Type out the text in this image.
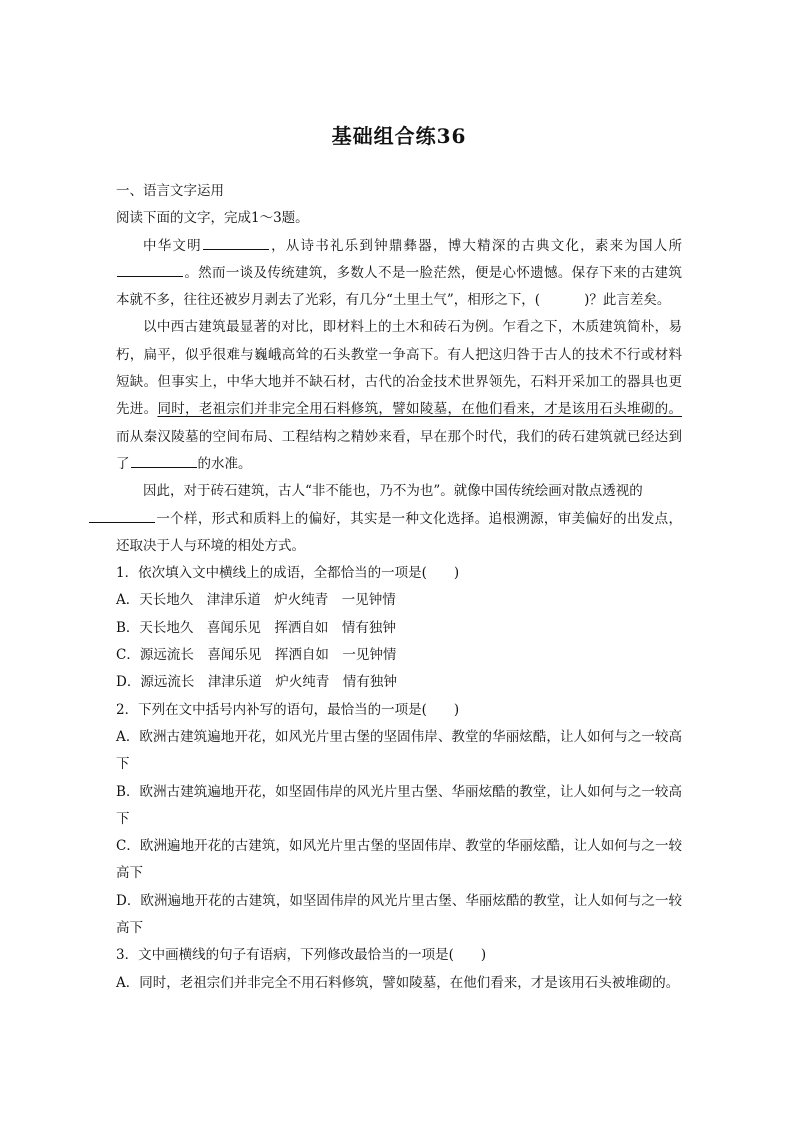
基础组合练36

一、语言文字运用

阅读下面的文字，完成1～3题。

中华文明	，从诗书礼乐到钟鼎彝器，博大精深的古典文化，素来为国人所。然而一谈及传统建筑，多数人不是一脸茫然，便是心怀遗憾。保存下来的古建筑本就不多，往往还被岁月剥去了光彩，有几分“土里土气”，相形之下，(	)？此言差矣。

以中西古建筑最显著的对比，即材料上的土木和砖石为例。乍看之下，木质建筑简朴，易朽，扁平，似乎很难与巍峨高耸的石头教堂一争高下。有人把这归咎于古人的技术不行或材料短缺。但事实上，中华大地并不缺石材，古代的冶金技术世界领先，石料开采加工的器具也更先进。同时，老祖宗们并非完全用石料修筑，譬如陵墓，在他们看来，才是该用石头堆砌的。而从秦汉陵墓的空间布局、工程结构之精妙来看，早在那个时代，我们的砖石建筑就已经达到了	的水准。

因此，对于砖石建筑，古人“非不能也，乃不为也”。就像中国传统绘画对散点透视的
一个样，形式和质料上的偏好，其实是一种文化选择。追根溯源，审美偏好的出发点，还取决于人与环境的相处方式。

1．依次填入文中横线上的成语，全都恰当的一项是(　　)

A．天长地久　津津乐道　炉火纯青　一见钟情

B．天长地久　喜闻乐见　挥洒自如　情有独钟

C．源远流长　喜闻乐见　挥洒自如　一见钟情

D．源远流长　津津乐道　炉火纯青　情有独钟

2．下列在文中括号内补写的语句，最恰当的一项是(　　)

A．欧洲古建筑遍地开花，如风光片里古堡的坚固伟岸、教堂的华丽炫酷，让人如何与之一较高下

B．欧洲古建筑遍地开花，如坚固伟岸的风光片里古堡、华丽炫酷的教堂，让人如何与之一较高下

C．欧洲遍地开花的古建筑，如风光片里古堡的坚固伟岸、教堂的华丽炫酷，让人如何与之一较高下

D．欧洲遍地开花的古建筑，如坚固伟岸的风光片里古堡、华丽炫酷的教堂，让人如何与之一较高下

3．文中画横线的句子有语病，下列修改最恰当的一项是(　　)

A．同时，老祖宗们并非完全不用石料修筑，譬如陵墓，在他们看来，才是该用石头被堆砌的。
